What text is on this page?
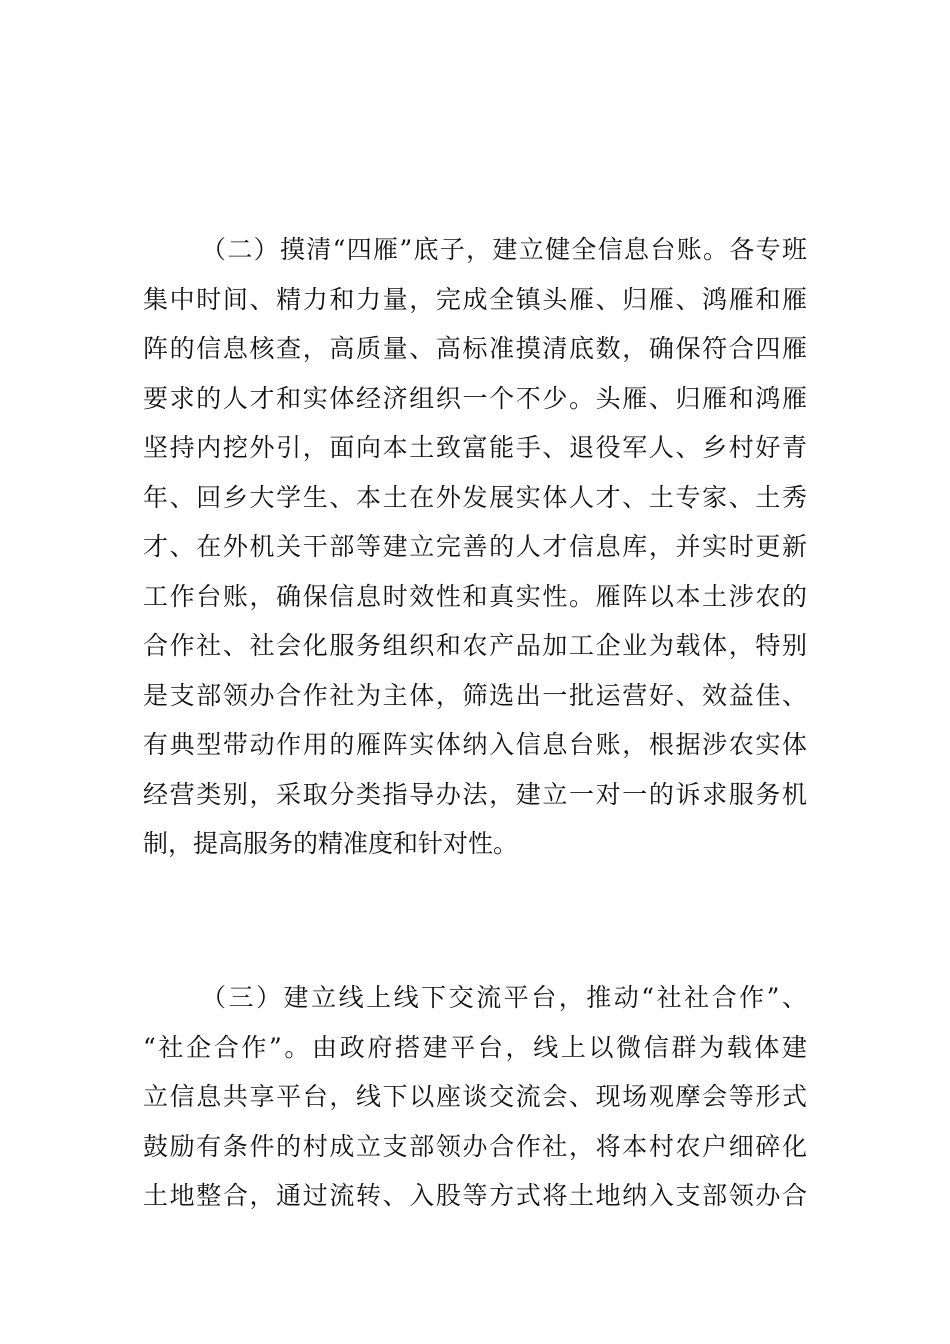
（二）摸清“四雁”底子，建立健全信息台账。各专班
集中时间、精力和力量，完成全镇头雁、归雁、鸿雁和雁
阵的信息核查，高质量、高标准摸清底数，确保符合四雁
要求的人才和实体经济组织一个不少。头雁、归雁和鸿雁
坚持内挖外引，面向本土致富能手、退役军人、乡村好青
年、回乡大学生、本土在外发展实体人才、土专家、土秀
才、在外机关干部等建立完善的人才信息库，并实时更新
工作台账，确保信息时效性和真实性。雁阵以本土涉农的
合作社、社会化服务组织和农产品加工企业为载体，特别
是支部领办合作社为主体，筛选出一批运营好、效益佳、
有典型带动作用的雁阵实体纳入信息台账，根据涉农实体
经营类别，采取分类指导办法，建立一对一的诉求服务机
制，提高服务的精准度和针对性。
（三）建立线上线下交流平台，推动“社社合作”、
“社企合作”。由政府搭建平台，线上以微信群为载体建
立信息共享平台，线下以座谈交流会、现场观摩会等形式
鼓励有条件的村成立支部领办合作社，将本村农户细碎化
土地整合，通过流转、入股等方式将土地纳入支部领办合
